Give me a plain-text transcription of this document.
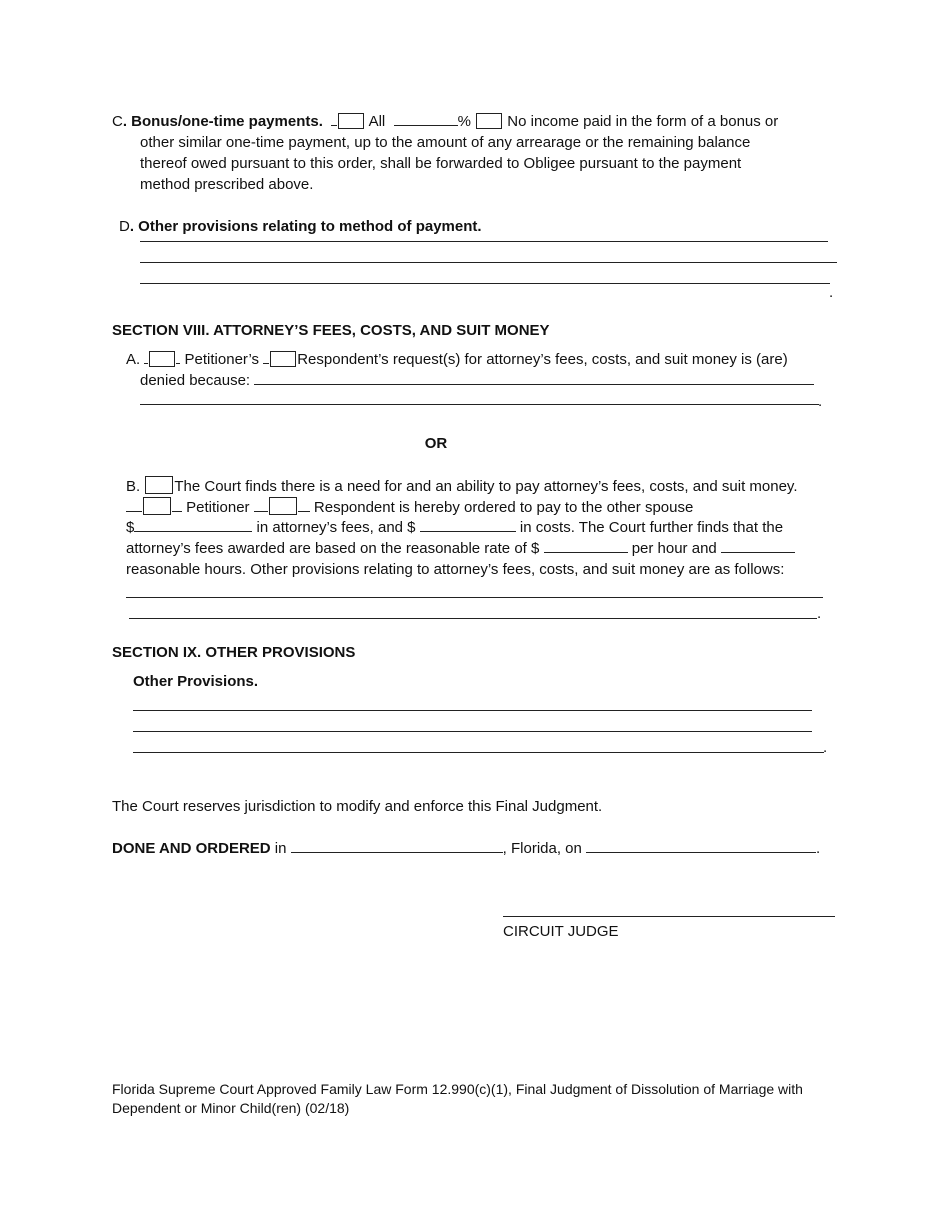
C. Bonus/one-time payments.	All	% No income paid in the form of a bonus or
other similar one-time payment, up to the amount of any arrearage or the remaining balance
thereof owed pursuant to this order, shall be forwarded to Obligee pursuant to the payment
method prescribed above.
D. Other provisions relating to method of payment.
.
SECTION VIII. ATTORNEY’S FEES, COSTS, AND SUIT MONEY
A.	Petitioner’s	Respondent’s request(s) for attorney’s fees, costs, and suit money is (are)
denied because:
.
OR
B. The Court finds there is a need for and an ability to pay attorney’s fees, costs, and suit money.
Petitioner	Respondent is hereby ordered to pay to the other spouse
$	in attorney’s fees, and $	in costs. The Court further finds that the
attorney’s fees awarded are based on the reasonable rate of $	per hour and
reasonable hours. Other provisions relating to attorney’s fees, costs, and suit money are as follows:
.
SECTION IX. OTHER PROVISIONS
Other Provisions.
.
The Court reserves jurisdiction to modify and enforce this Final Judgment.
DONE AND ORDERED in	, Florida, on	.
CIRCUIT JUDGE
Florida Supreme Court Approved Family Law Form 12.990(c)(1), Final Judgment of Dissolution of Marriage with
Dependent or Minor Child(ren) (02/18)
